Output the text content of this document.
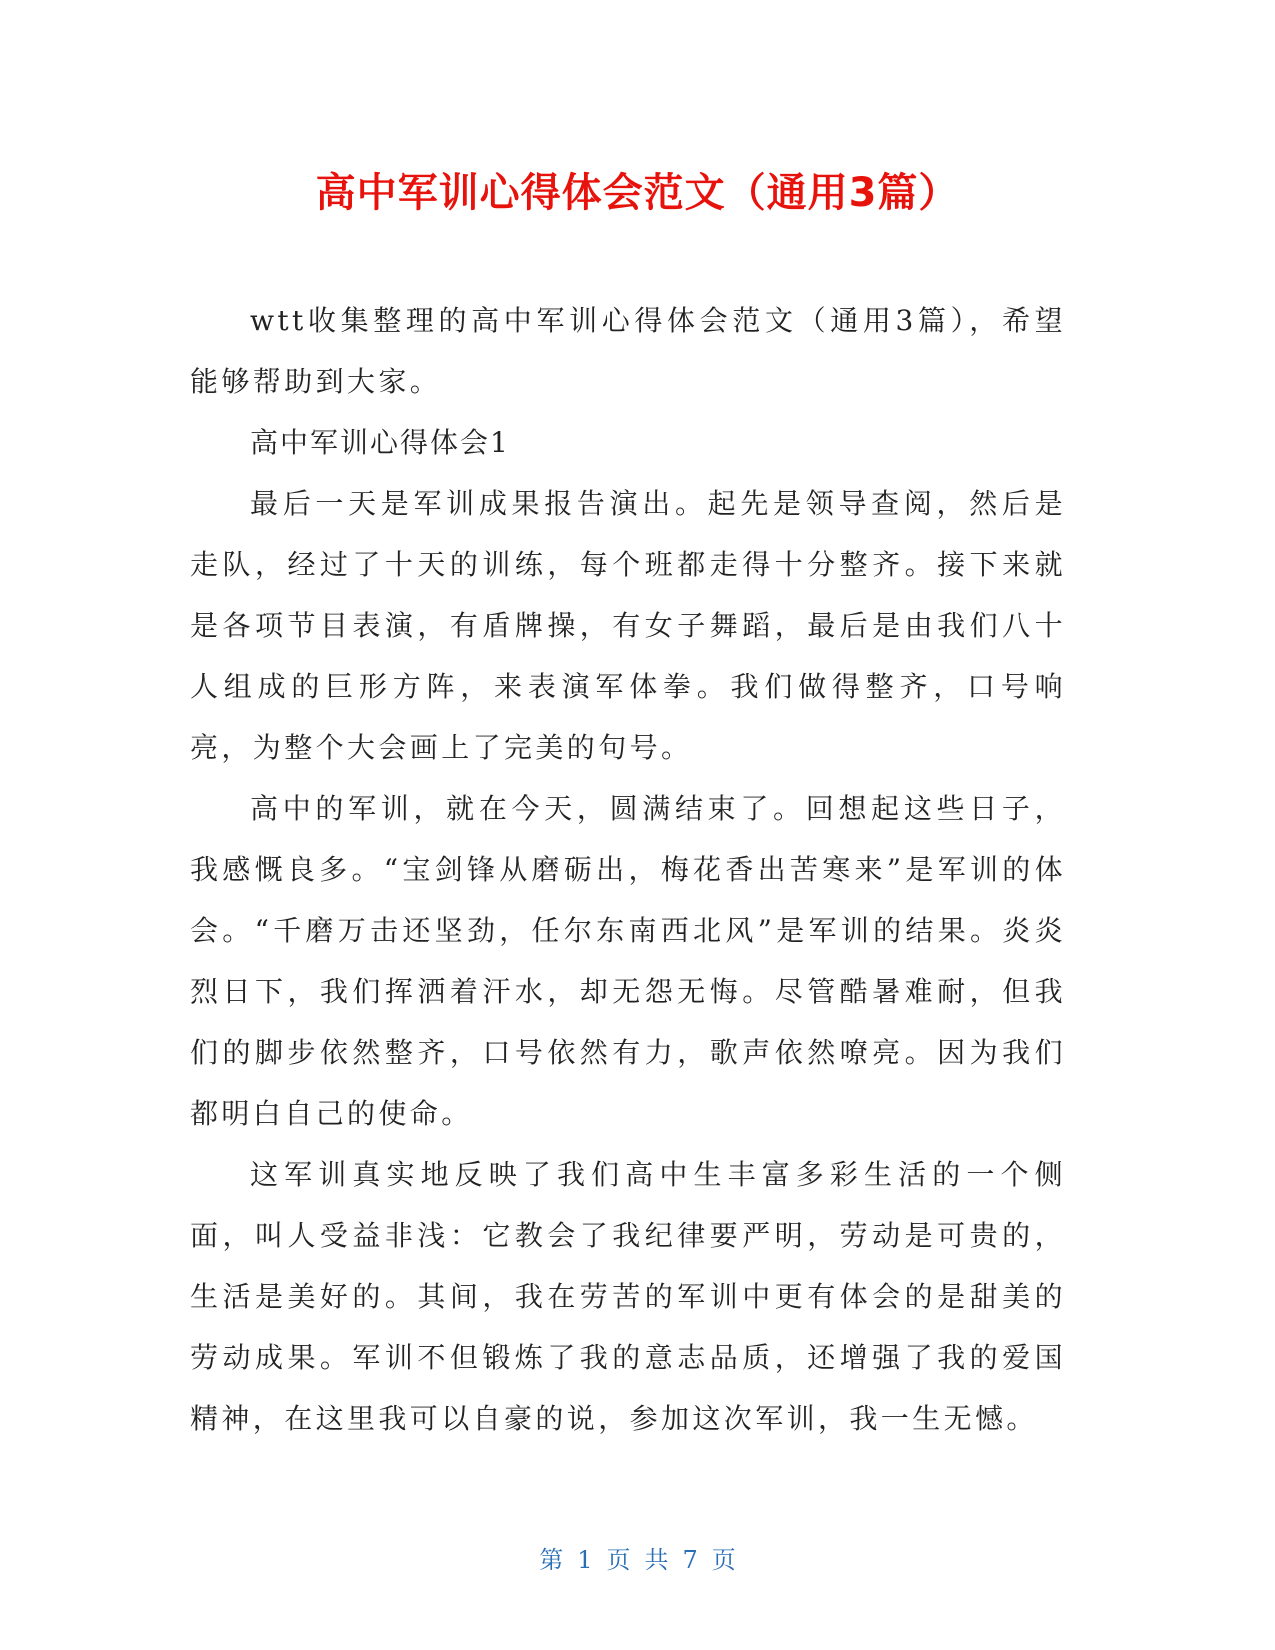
高中军训心得体会范文（通用3篇）

wtt收集整理的高中军训心得体会范文（通用3篇），希望能够帮助到大家。

高中军训心得体会1

最后一天是军训成果报告演出。起先是领导查阅，然后是走队，经过了十天的训练，每个班都走得十分整齐。接下来就是各项节目表演，有盾牌操，有女子舞蹈，最后是由我们八十人组成的巨形方阵，来表演军体拳。我们做得整齐，口号响亮，为整个大会画上了完美的句号。

高中的军训，就在今天，圆满结束了。回想起这些日子，我感慨良多。“宝剑锋从磨砺出，梅花香出苦寒来”是军训的体会。“千磨万击还坚劲，任尔东南西北风”是军训的结果。炎炎烈日下，我们挥洒着汗水，却无怨无悔。尽管酷暑难耐，但我们的脚步依然整齐，口号依然有力，歌声依然嘹亮。因为我们都明白自己的使命。

这军训真实地反映了我们高中生丰富多彩生活的一个侧面，叫人受益非浅：它教会了我纪律要严明，劳动是可贵的，生活是美好的。其间，我在劳苦的军训中更有体会的是甜美的劳动成果。军训不但锻炼了我的意志品质，还增强了我的爱国精神，在这里我可以自豪的说，参加这次军训，我一生无憾。

第 1 页 共 7 页
